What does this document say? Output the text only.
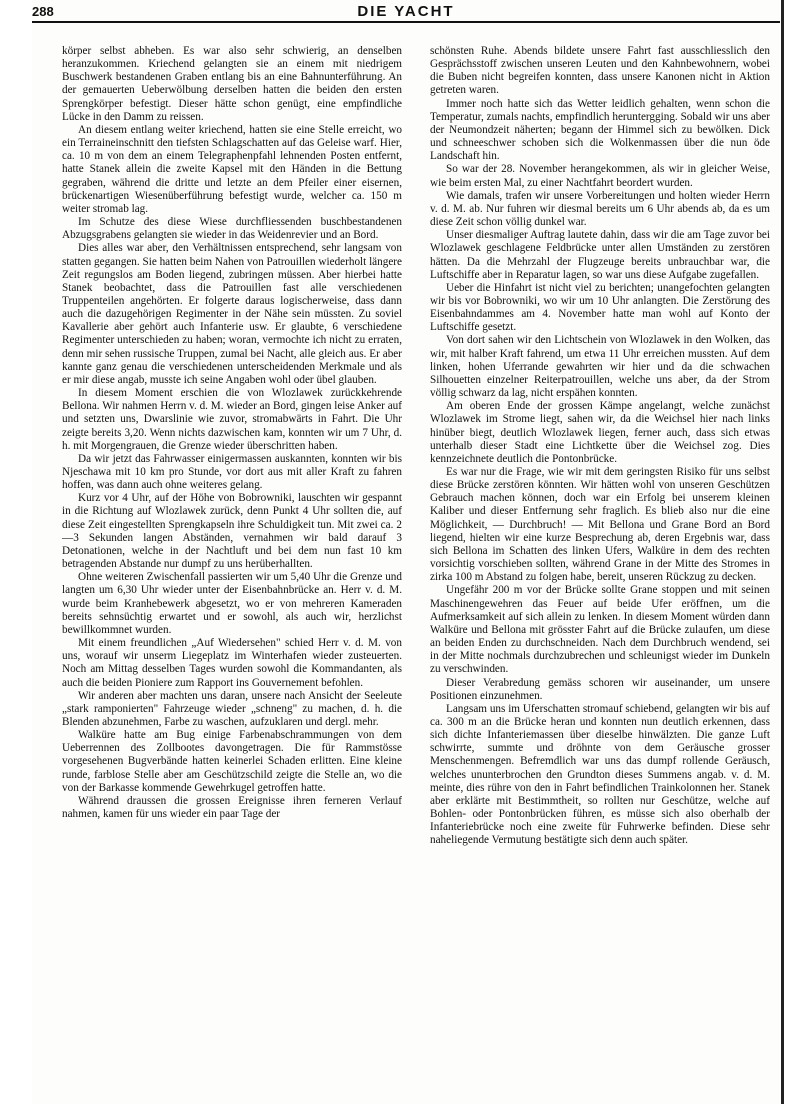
288	DIE YACHT

körper selbst abheben. Es war also sehr schwierig, an denselben heranzukommen. Kriechend gelangten sie an einem mit niedrigem Buschwerk bestandenen Graben entlang bis an eine Bahnunterführung. An der gemauerten Ueberwölbung derselben hatten die beiden den ersten Sprengkörper befestigt. Dieser hätte schon genügt, eine empfindliche Lücke in den Damm zu reissen.

An diesem entlang weiter kriechend, hatten sie eine Stelle erreicht, wo ein Terraineinschnitt den tiefsten Schlagschatten auf das Geleise warf. Hier, ca. 10 m von dem an einem Telegraphenpfahl lehnenden Posten entfernt, hatte Stanek allein die zweite Kapsel mit den Händen in die Bettung gegraben, während die dritte und letzte an dem Pfeiler einer eisernen, brückenartigen Wiesenüberführung befestigt wurde, welcher ca. 150 m weiter stromab lag.

Im Schutze des diese Wiese durchfliessenden buschbestandenen Abzugsgrabens gelangten sie wieder in das Weidenrevier und an Bord.

Dies alles war aber, den Verhältnissen entsprechend, sehr langsam von statten gegangen. Sie hatten beim Nahen von Patrouillen wiederholt längere Zeit regungslos am Boden liegend, zubringen müssen. Aber hierbei hatte Stanek beobachtet, dass die Patrouillen fast alle verschiedenen Truppenteilen angehörten. Er folgerte daraus logischerweise, dass dann auch die dazugehörigen Regimenter in der Nähe sein müssten. Zu soviel Kavallerie aber gehört auch Infanterie usw. Er glaubte, 6 verschiedene Regimenter unterschieden zu haben; woran, vermochte ich nicht zu erraten, denn mir sehen russische Truppen, zumal bei Nacht, alle gleich aus. Er aber kannte ganz genau die verschiedenen unterscheidenden Merkmale und als er mir diese angab, musste ich seine Angaben wohl oder übel glauben.

In diesem Moment erschien die von Wlozlawek zurückkehrende Bellona. Wir nahmen Herrn v. d. M. wieder an Bord, gingen leise Anker auf und setzten uns, Dwarslinie wie zuvor, stromabwärts in Fahrt. Die Uhr zeigte bereits 3,20. Wenn nichts dazwischen kam, konnten wir um 7 Uhr, d. h. mit Morgengrauen, die Grenze wieder überschritten haben.

Da wir jetzt das Fahrwasser einigermassen auskannten, konnten wir bis Njeschawa mit 10 km pro Stunde, vor dort aus mit aller Kraft zu fahren hoffen, was dann auch ohne weiteres gelang.

Kurz vor 4 Uhr, auf der Höhe von Bobrowniki, lauschten wir gespannt in die Richtung auf Wlozlawek zurück, denn Punkt 4 Uhr sollten die, auf diese Zeit eingestellten Sprengkapseln ihre Schuldigkeit tun. Mit zwei ca. 2—3 Sekunden langen Abständen, vernahmen wir bald darauf 3 Detonationen, welche in der Nachtluft und bei dem nun fast 10 km betragenden Abstande nur dumpf zu uns herüberhallten.

Ohne weiteren Zwischenfall passierten wir um 5,40 Uhr die Grenze und langten um 6,30 Uhr wieder unter der Eisenbahnbrücke an. Herr v. d. M. wurde beim Kranhebewerk abgesetzt, wo er von mehreren Kameraden bereits sehnsüchtig erwartet und er sowohl, als auch wir, herzlichst bewillkommnet wurden.

Mit einem freundlichen „Auf Wiedersehen" schied Herr v. d. M. von uns, worauf wir unserm Liegeplatz im Winterhafen wieder zusteuerten. Noch am Mittag desselben Tages wurden sowohl die Kommandanten, als auch die beiden Pioniere zum Rapport ins Gouvernement befohlen.

Wir anderen aber machten uns daran, unsere nach Ansicht der Seeleute „stark ramponierten" Fahrzeuge wieder „schneng" zu machen, d. h. die Blenden abzunehmen, Farbe zu waschen, aufzuklaren und dergl. mehr.

Walküre hatte am Bug einige Farbenabschrammungen von dem Ueberrennen des Zollbootes davongetragen. Die für Rammstösse vorgesehenen Bugverbände hatten keinerlei Schaden erlitten. Eine kleine runde, farblose Stelle aber am Geschützschild zeigte die Stelle an, wo die von der Barkasse kommende Gewehrkugel getroffen hatte.

Während draussen die grossen Ereignisse ihren ferneren Verlauf nahmen, kamen für uns wieder ein paar Tage der

schönsten Ruhe. Abends bildete unsere Fahrt fast ausschliesslich den Gesprächsstoff zwischen unseren Leuten und den Kahnbewohnern, wobei die Buben nicht begreifen konnten, dass unsere Kanonen nicht in Aktion getreten waren.

Immer noch hatte sich das Wetter leidlich gehalten, wenn schon die Temperatur, zumals nachts, empfindlich heruntergging. Sobald wir uns aber der Neumondzeit näherten; begann der Himmel sich zu bewölken. Dick und schneeschwer schoben sich die Wolkenmassen über die nun öde Landschaft hin.

So war der 28. November herangekommen, als wir in gleicher Weise, wie beim ersten Mal, zu einer Nachtfahrt beordert wurden.

Wie damals, trafen wir unsere Vorbereitungen und holten wieder Herrn v. d. M. ab. Nur fuhren wir diesmal bereits um 6 Uhr abends ab, da es um diese Zeit schon völlig dunkel war.

Unser diesmaliger Auftrag lautete dahin, dass wir die am Tage zuvor bei Wlozlawek geschlagene Feldbrücke unter allen Umständen zu zerstören hätten. Da die Mehrzahl der Flugzeuge bereits unbrauchbar war, die Luftschiffe aber in Reparatur lagen, so war uns diese Aufgabe zugefallen.

Ueber die Hinfahrt ist nicht viel zu berichten; unangefochten gelangten wir bis vor Bobrowniki, wo wir um 10 Uhr anlangten. Die Zerstörung des Eisenbahndammes am 4. November hatte man wohl auf Konto der Luftschiffe gesetzt.

Von dort sahen wir den Lichtschein von Wlozlawek in den Wolken, das wir, mit halber Kraft fahrend, um etwa 11 Uhr erreichen mussten. Auf dem linken, hohen Uferrande gewahrten wir hier und da die schwachen Silhouetten einzelner Reiterpatrouillen, welche uns aber, da der Strom völlig schwarz da lag, nicht erspähen konnten.

Am oberen Ende der grossen Kämpe angelangt, welche zunächst Wlozlawek im Strome liegt, sahen wir, da die Weichsel hier nach links hinüber biegt, deutlich Wlozlawek liegen, ferner auch, dass sich etwas unterhalb dieser Stadt eine Lichtkette über die Weichsel zog. Dies kennzeichnete deutlich die Pontonbrücke.

Es war nur die Frage, wie wir mit dem geringsten Risiko für uns selbst diese Brücke zerstören könnten. Wir hätten wohl von unseren Geschützen Gebrauch machen können, doch war ein Erfolg bei unserem kleinen Kaliber und dieser Entfernung sehr fraglich. Es blieb also nur die eine Möglichkeit, — Durchbruch! — Mit Bellona und Grane Bord an Bord liegend, hielten wir eine kurze Besprechung ab, deren Ergebnis war, dass sich Bellona im Schatten des linken Ufers, Walküre in dem des rechten vorsichtig vorschieben sollten, während Grane in der Mitte des Stromes in zirka 100 m Abstand zu folgen habe, bereit, unseren Rückzug zu decken.

Ungefähr 200 m vor der Brücke sollte Grane stoppen und mit seinen Maschinengewehren das Feuer auf beide Ufer eröffnen, um die Aufmerksamkeit auf sich allein zu lenken. In diesem Moment würden dann Walküre und Bellona mit grösster Fahrt auf die Brücke zulaufen, um diese an beiden Enden zu durchschneiden. Nach dem Durchbruch wendend, sei in der Mitte nochmals durchzubrechen und schleunigst wieder im Dunkeln zu verschwinden.

Dieser Verabredung gemäss schoren wir auseinander, um unsere Positionen einzunehmen.

Langsam uns im Uferschatten stromauf schiebend, gelangten wir bis auf ca. 300 m an die Brücke heran und konnten nun deutlich erkennen, dass sich dichte Infanteriemassen über dieselbe hinwälzten. Die ganze Luft schwirrte, summte und dröhnte von dem Geräusche grosser Menschenmengen. Befremdlich war uns das dumpf rollende Geräusch, welches ununterbrochen den Grundton dieses Summens angab. v. d. M. meinte, dies rühre von den in Fahrt befindlichen Trainkolonnen her. Stanek aber erklärte mit Bestimmtheit, so rollten nur Geschütze, welche auf Bohlen- oder Pontonbrücken führen, es müsse sich also oberhalb der Infanteriebrücke noch eine zweite für Fuhrwerke befinden. Diese sehr naheliegende Vermutung bestätigte sich denn auch später.
